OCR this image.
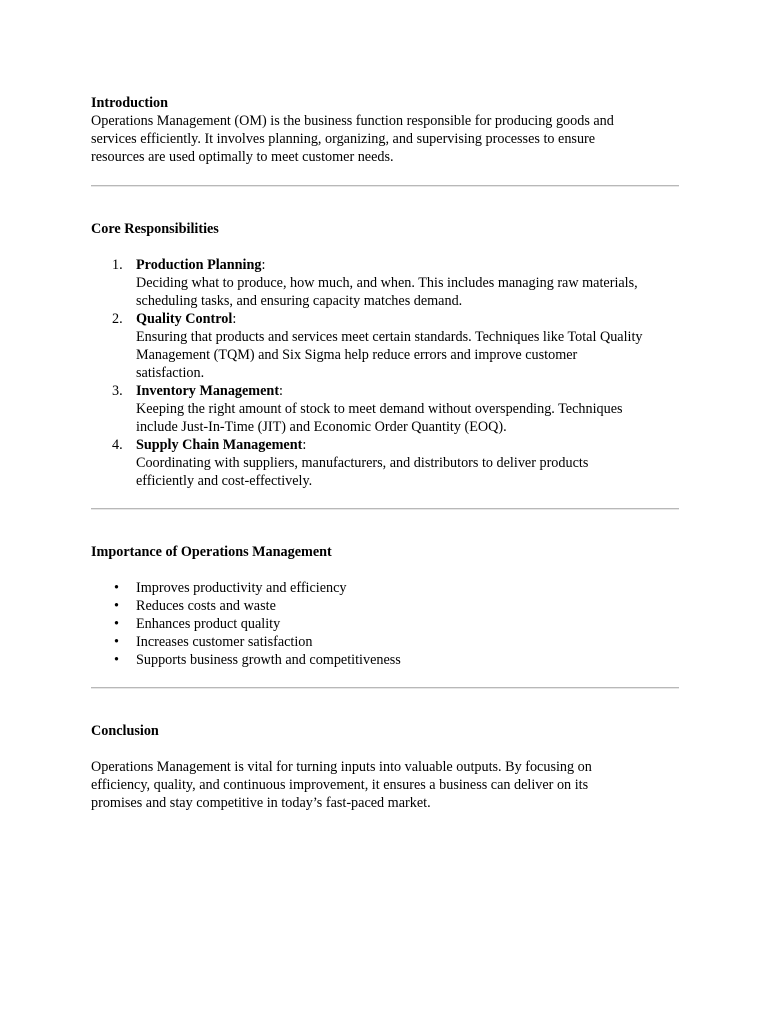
Introduction

Operations Management (OM) is the business function responsible for producing goods and
services efficiently. It involves planning, organizing, and supervising processes to ensure
resources are used optimally to meet customer needs.

Core Responsibilities
1. Production Planning:
Deciding what to produce, how much, and when. This includes managing raw materials,
scheduling tasks, and ensuring capacity matches demand.
2. Quality Control:
Ensuring that products and services meet certain standards. Techniques like Total Quality
Management (TQM) and Six Sigma help reduce errors and improve customer
satisfaction.
3. Inventory Management:
Keeping the right amount of stock to meet demand without overspending. Techniques
include Just-In-Time (JIT) and Economic Order Quantity (EOQ).
4. Supply Chain Management:
Coordinating with suppliers, manufacturers, and distributors to deliver products
efficiently and cost-effectively.
Importance of Operations Management
• Improves productivity and efficiency
• Reduces costs and waste
• Enhances product quality
• Increases customer satisfaction
• Supports business growth and competitiveness
Conclusion

Operations Management is vital for turning inputs into valuable outputs. By focusing on
efficiency, quality, and continuous improvement, it ensures a business can deliver on its
promises and stay competitive in today’s fast-paced market.
